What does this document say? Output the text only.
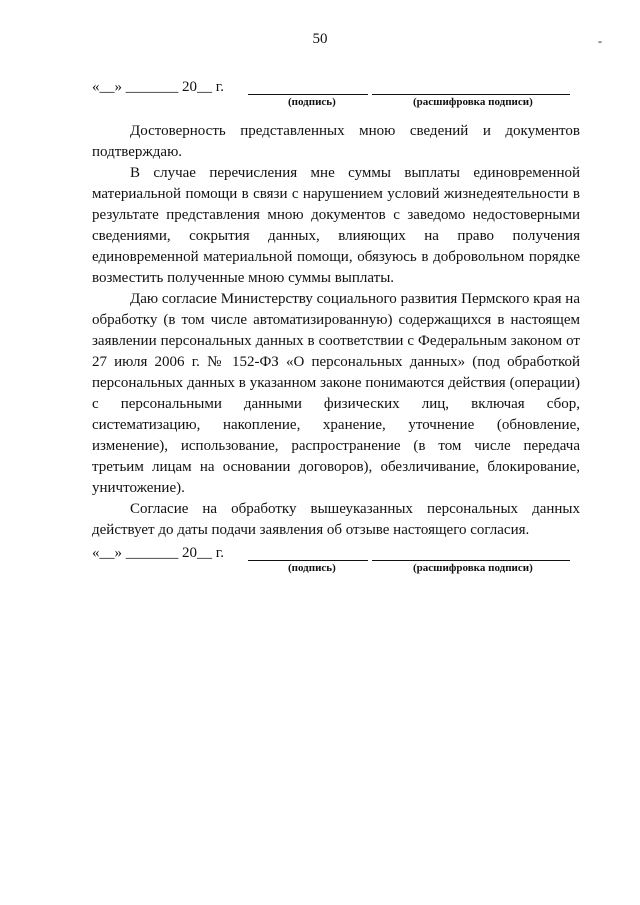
50	-
«__» _______ 20__ г.
(подпись)	(расшифровка подписи)

Достоверность представленных мною сведений и документов подтверждаю.

В случае перечисления мне суммы выплаты единовременной материальной помощи в связи с нарушением условий жизнедеятельности в результате представления мною документов с заведомо недостоверными сведениями, сокрытия данных, влияющих на право получения единовременной материальной помощи, обязуюсь в добровольном порядке возместить полученные мною суммы выплаты.

Даю согласие Министерству социального развития Пермского края на обработку (в том числе автоматизированную) содержащихся в настоящем заявлении персональных данных в соответствии с Федеральным законом от 27 июля 2006 г. № 152-ФЗ «О персональных данных» (под обработкой персональных данных в указанном законе понимаются действия (операции) с персональными данными физических лиц, включая сбор, систематизацию, накопление, хранение, уточнение (обновление, изменение), использование, распространение (в том числе передача третьим лицам на основании договоров), обезличивание, блокирование, уничтожение).

Согласие на обработку вышеуказанных персональных данных действует до даты подачи заявления об отзыве настоящего согласия.

«__» _______ 20__ г.
(подпись)	(расшифровка подписи)
